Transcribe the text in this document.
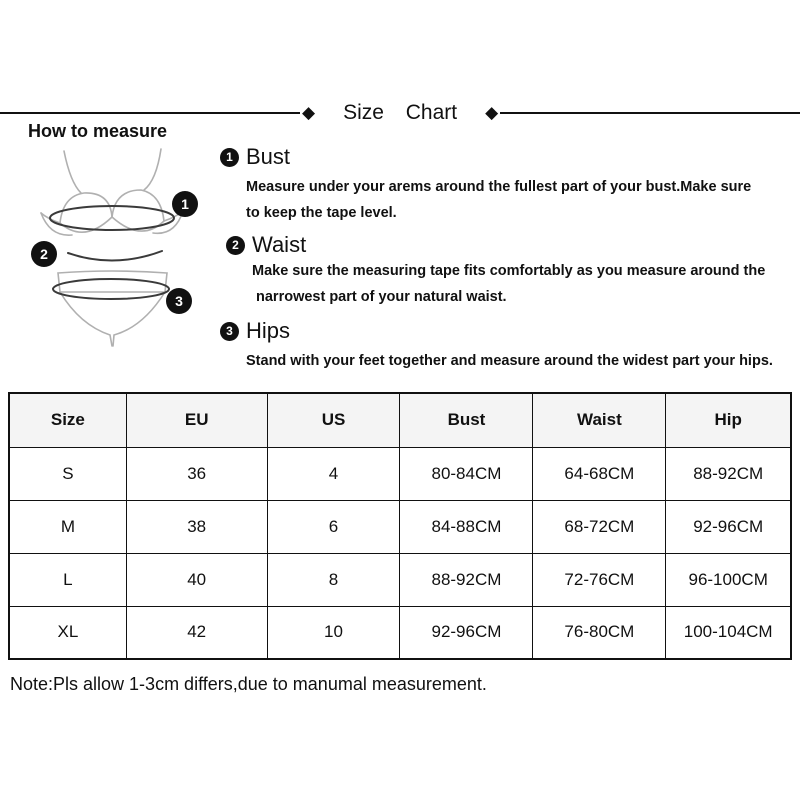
◆ Size Chart ◆
How to measure
1
2
3
1 Bust
Measure under your arems around the fullest part of your bust.Make sure
to keep the tape level.
2 Waist
Make sure the measuring tape fits comfortably as you measure around the
narrowest part of your natural waist.
3 Hips
Stand with your feet together and measure around the widest part your hips.
Size	EU	US	Bust	Waist	Hip
S	36	4	80-84CM	64-68CM	88-92CM
M	38	6	84-88CM	68-72CM	92-96CM
L	40	8	88-92CM	72-76CM	96-100CM
XL	42	10	92-96CM	76-80CM	100-104CM
Note:Pls allow 1-3cm differs,due to manumal measurement.
